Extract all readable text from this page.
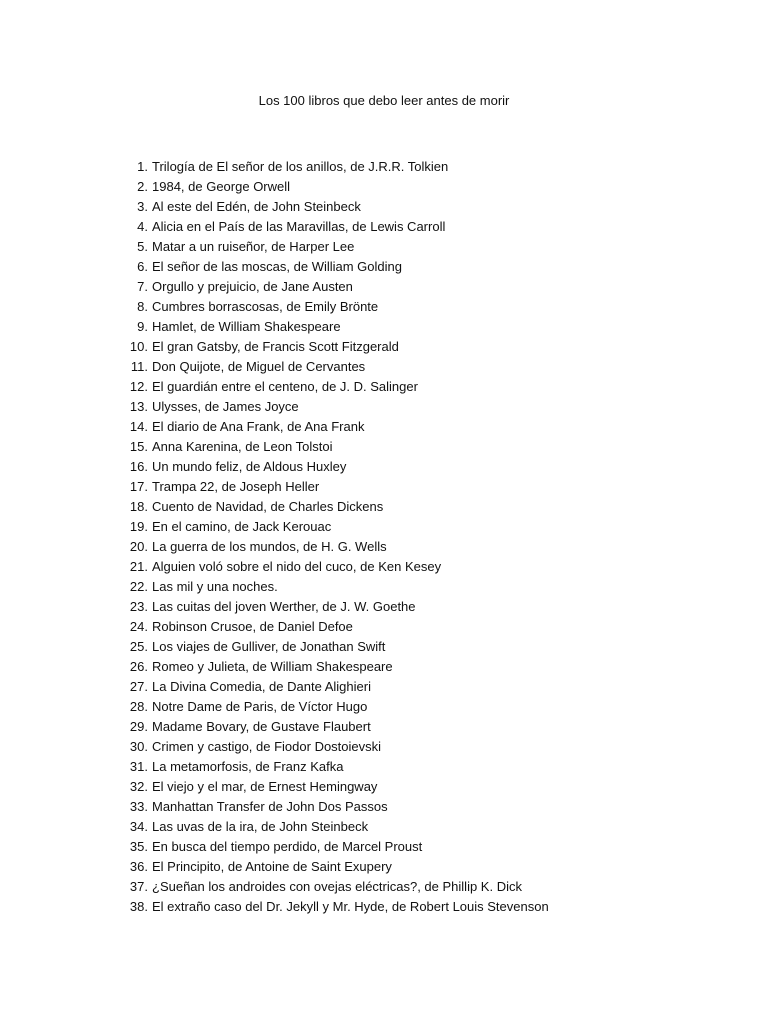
Los 100 libros que debo leer antes de morir
1. Trilogía de El señor de los anillos, de J.R.R. Tolkien
2. 1984, de George Orwell
3. Al este del Edén, de John Steinbeck
4. Alicia en el País de las Maravillas, de Lewis Carroll
5. Matar a un ruiseñor, de Harper Lee
6. El señor de las moscas, de William Golding
7. Orgullo y prejuicio, de Jane Austen
8. Cumbres borrascosas, de Emily Brönte
9. Hamlet, de William Shakespeare
10. El gran Gatsby, de Francis Scott Fitzgerald
11. Don Quijote, de Miguel de Cervantes
12. El guardián entre el centeno, de J. D. Salinger
13. Ulysses, de James Joyce
14. El diario de Ana Frank, de Ana Frank
15. Anna Karenina, de Leon Tolstoi
16. Un mundo feliz, de Aldous Huxley
17. Trampa 22, de Joseph Heller
18. Cuento de Navidad, de Charles Dickens
19. En el camino, de Jack Kerouac
20. La guerra de los mundos, de H. G. Wells
21. Alguien voló sobre el nido del cuco, de Ken Kesey
22. Las mil y una noches.
23. Las cuitas del joven Werther, de J. W. Goethe
24. Robinson Crusoe, de Daniel Defoe
25. Los viajes de Gulliver, de Jonathan Swift
26. Romeo y Julieta, de William Shakespeare
27. La Divina Comedia, de Dante Alighieri
28. Notre Dame de Paris, de Víctor Hugo
29. Madame Bovary, de Gustave Flaubert
30. Crimen y castigo, de Fiodor Dostoievski
31. La metamorfosis, de Franz Kafka
32. El viejo y el mar, de Ernest Hemingway
33. Manhattan Transfer de John Dos Passos
34. Las uvas de la ira, de John Steinbeck
35. En busca del tiempo perdido, de Marcel Proust
36. El Principito, de Antoine de Saint Exupery
37. ¿Sueñan los androides con ovejas eléctricas?, de Phillip K. Dick
38. El extraño caso del Dr. Jekyll y Mr. Hyde, de Robert Louis Stevenson
